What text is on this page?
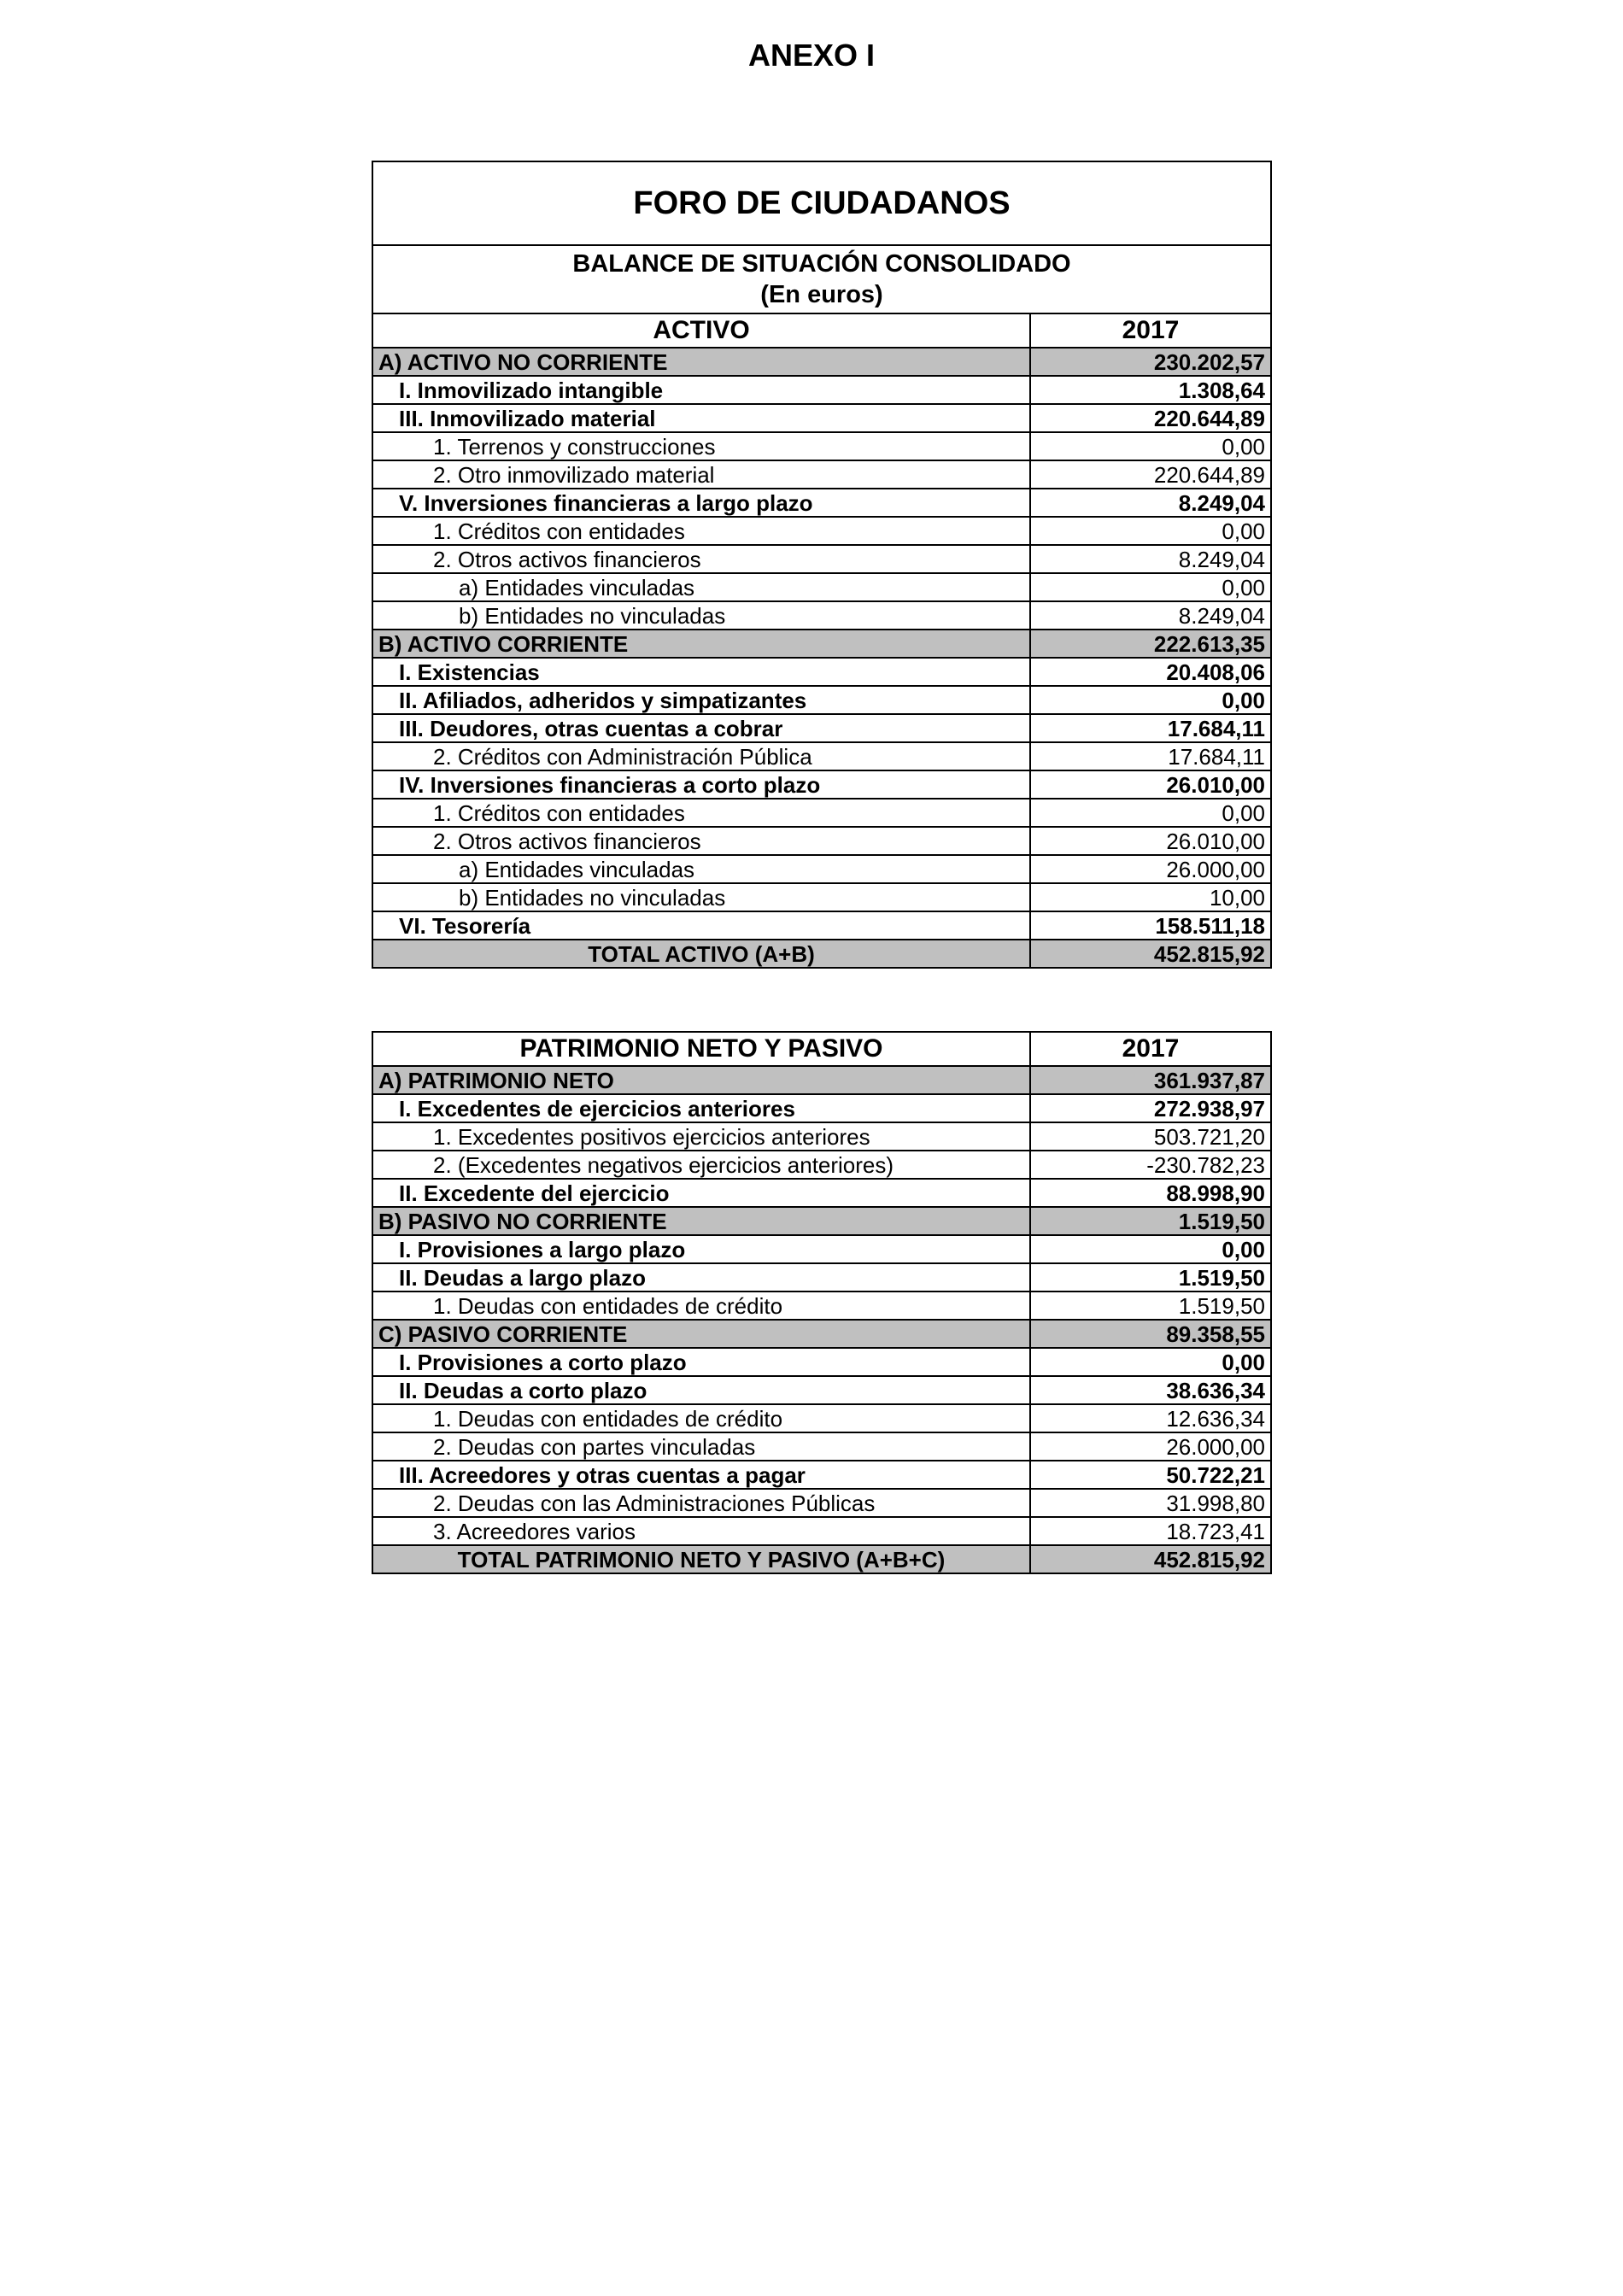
ANEXO I
FORO DE CIUDADANOS	
BALANCE DE SITUACIÓN CONSOLIDADO
(En euros)	
ACTIVO	2017
A) ACTIVO NO CORRIENTE	230.202,57
I. Inmovilizado intangible	1.308,64
III. Inmovilizado material	220.644,89
1. Terrenos y construcciones	0,00
2. Otro inmovilizado material	220.644,89
V. Inversiones financieras a largo plazo	8.249,04
1. Créditos con entidades	0,00
2. Otros activos financieros	8.249,04
a) Entidades vinculadas	0,00
b) Entidades no vinculadas	8.249,04
B) ACTIVO CORRIENTE	222.613,35
I. Existencias	20.408,06
II. Afiliados, adheridos y simpatizantes	0,00
III. Deudores, otras cuentas a cobrar	17.684,11
2. Créditos con Administración Pública	17.684,11
IV. Inversiones financieras a corto plazo	26.010,00
1. Créditos con entidades	0,00
2. Otros activos financieros	26.010,00
a) Entidades vinculadas	26.000,00
b) Entidades no vinculadas	10,00
VI. Tesorería	158.511,18
TOTAL ACTIVO (A+B)	452.815,92
PATRIMONIO NETO Y PASIVO	2017
A) PATRIMONIO NETO	361.937,87
I. Excedentes de ejercicios anteriores	272.938,97
1. Excedentes positivos ejercicios anteriores	503.721,20
2. (Excedentes negativos ejercicios anteriores)	-230.782,23
II. Excedente del ejercicio	88.998,90
B) PASIVO NO CORRIENTE	1.519,50
I. Provisiones a largo plazo	0,00
II. Deudas a largo plazo	1.519,50
1. Deudas con entidades de crédito	1.519,50
C) PASIVO CORRIENTE	89.358,55
I. Provisiones a corto plazo	0,00
II. Deudas a corto plazo	38.636,34
1. Deudas con entidades de crédito	12.636,34
2. Deudas con partes vinculadas	26.000,00
III. Acreedores y otras cuentas a pagar	50.722,21
2. Deudas con las Administraciones Públicas	31.998,80
3. Acreedores varios	18.723,41
TOTAL PATRIMONIO NETO Y PASIVO (A+B+C)	452.815,92
